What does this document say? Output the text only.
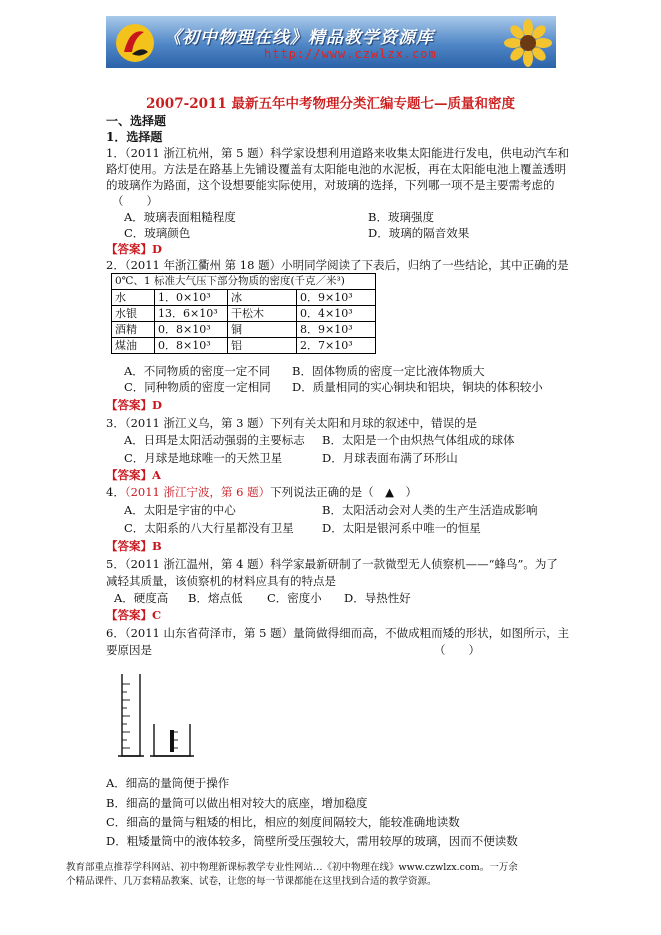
《初中物理在线》精品教学资源库
http://www.czwlzx.com
2007-2011 最新五年中考物理分类汇编专题七—质量和密度
一、选择题
1．选择题
1．（2011 浙江杭州，第 5 题）科学家设想利用道路来收集太阳能进行发电，供电动汽车和
路灯使用。方法是在路基上先铺设覆盖有太阳能电池的水泥板，再在太阳能电池上覆盖透明
的玻璃作为路面，这个设想要能实际使用，对玻璃的选择，下列哪一项不是主要需考虑的
（　　）
A．玻璃表面粗糙程度	B．玻璃强度
C．玻璃颜色	D．玻璃的隔音效果
【答案】D
2．（2011 年浙江衢州 第 18 题）小明同学阅读了下表后，归纳了一些结论，其中正确的是
0℃、1 标准大气压下部分物质的密度(千克／米³)			
水	1．0×10³	冰	0．9×10³
水银	13．6×10³	干松木	0．4×10³
酒精	0．8×10³	铜	8．9×10³
煤油	0．8×10³	铝	2．7×10³
A．不同物质的密度一定不同 B．固体物质的密度一定比液体物质大
C．同种物质的密度一定相同 D．质量相同的实心铜块和铝块，铜块的体积较小
【答案】D
3．（2011 浙江义乌，第 3 题）下列有关太阳和月球的叙述中，错误的是
A．日珥是太阳活动强弱的主要标志 B．太阳是一个由炽热气体组成的球体
C．月球是地球唯一的天然卫星	D．月球表面布满了环形山
【答案】A
4．（2011 浙江宁波，第 6 题）下列说法正确的是（　▲　）
A．太阳是宇宙的中心	B．太阳活动会对人类的生产生活造成影响
C．太阳系的八大行星都没有卫星 D．太阳是银河系中唯一的恒星
【答案】B
5．（2011 浙江温州，第 4 题）科学家最新研制了一款微型无人侦察机——“蜂鸟”。为了
减轻其质量，该侦察机的材料应具有的特点是
A．硬度高 B．熔点低 C．密度小 D．导热性好
【答案】C
6．（2011 山东省荷泽市，第 5 题）量筒做得细而高，不做成粗而矮的形状，如图所示，主
要原因是	（　　）
A．细高的量筒便于操作
B．细高的量筒可以做出相对较大的底座，增加稳度
C．细高的量筒与粗矮的相比，相应的刻度间隔较大，能较准确地读数
D．粗矮量筒中的液体较多，筒壁所受压强较大，需用较厚的玻璃，因而不便读数
教育部重点推荐学科网站、初中物理新课标教学专业性网站…《初中物理在线》www.czwlzx.com。一万余
个精品课件、几万套精品教案、试卷，让您的每一节课都能在这里找到合适的教学资源。
